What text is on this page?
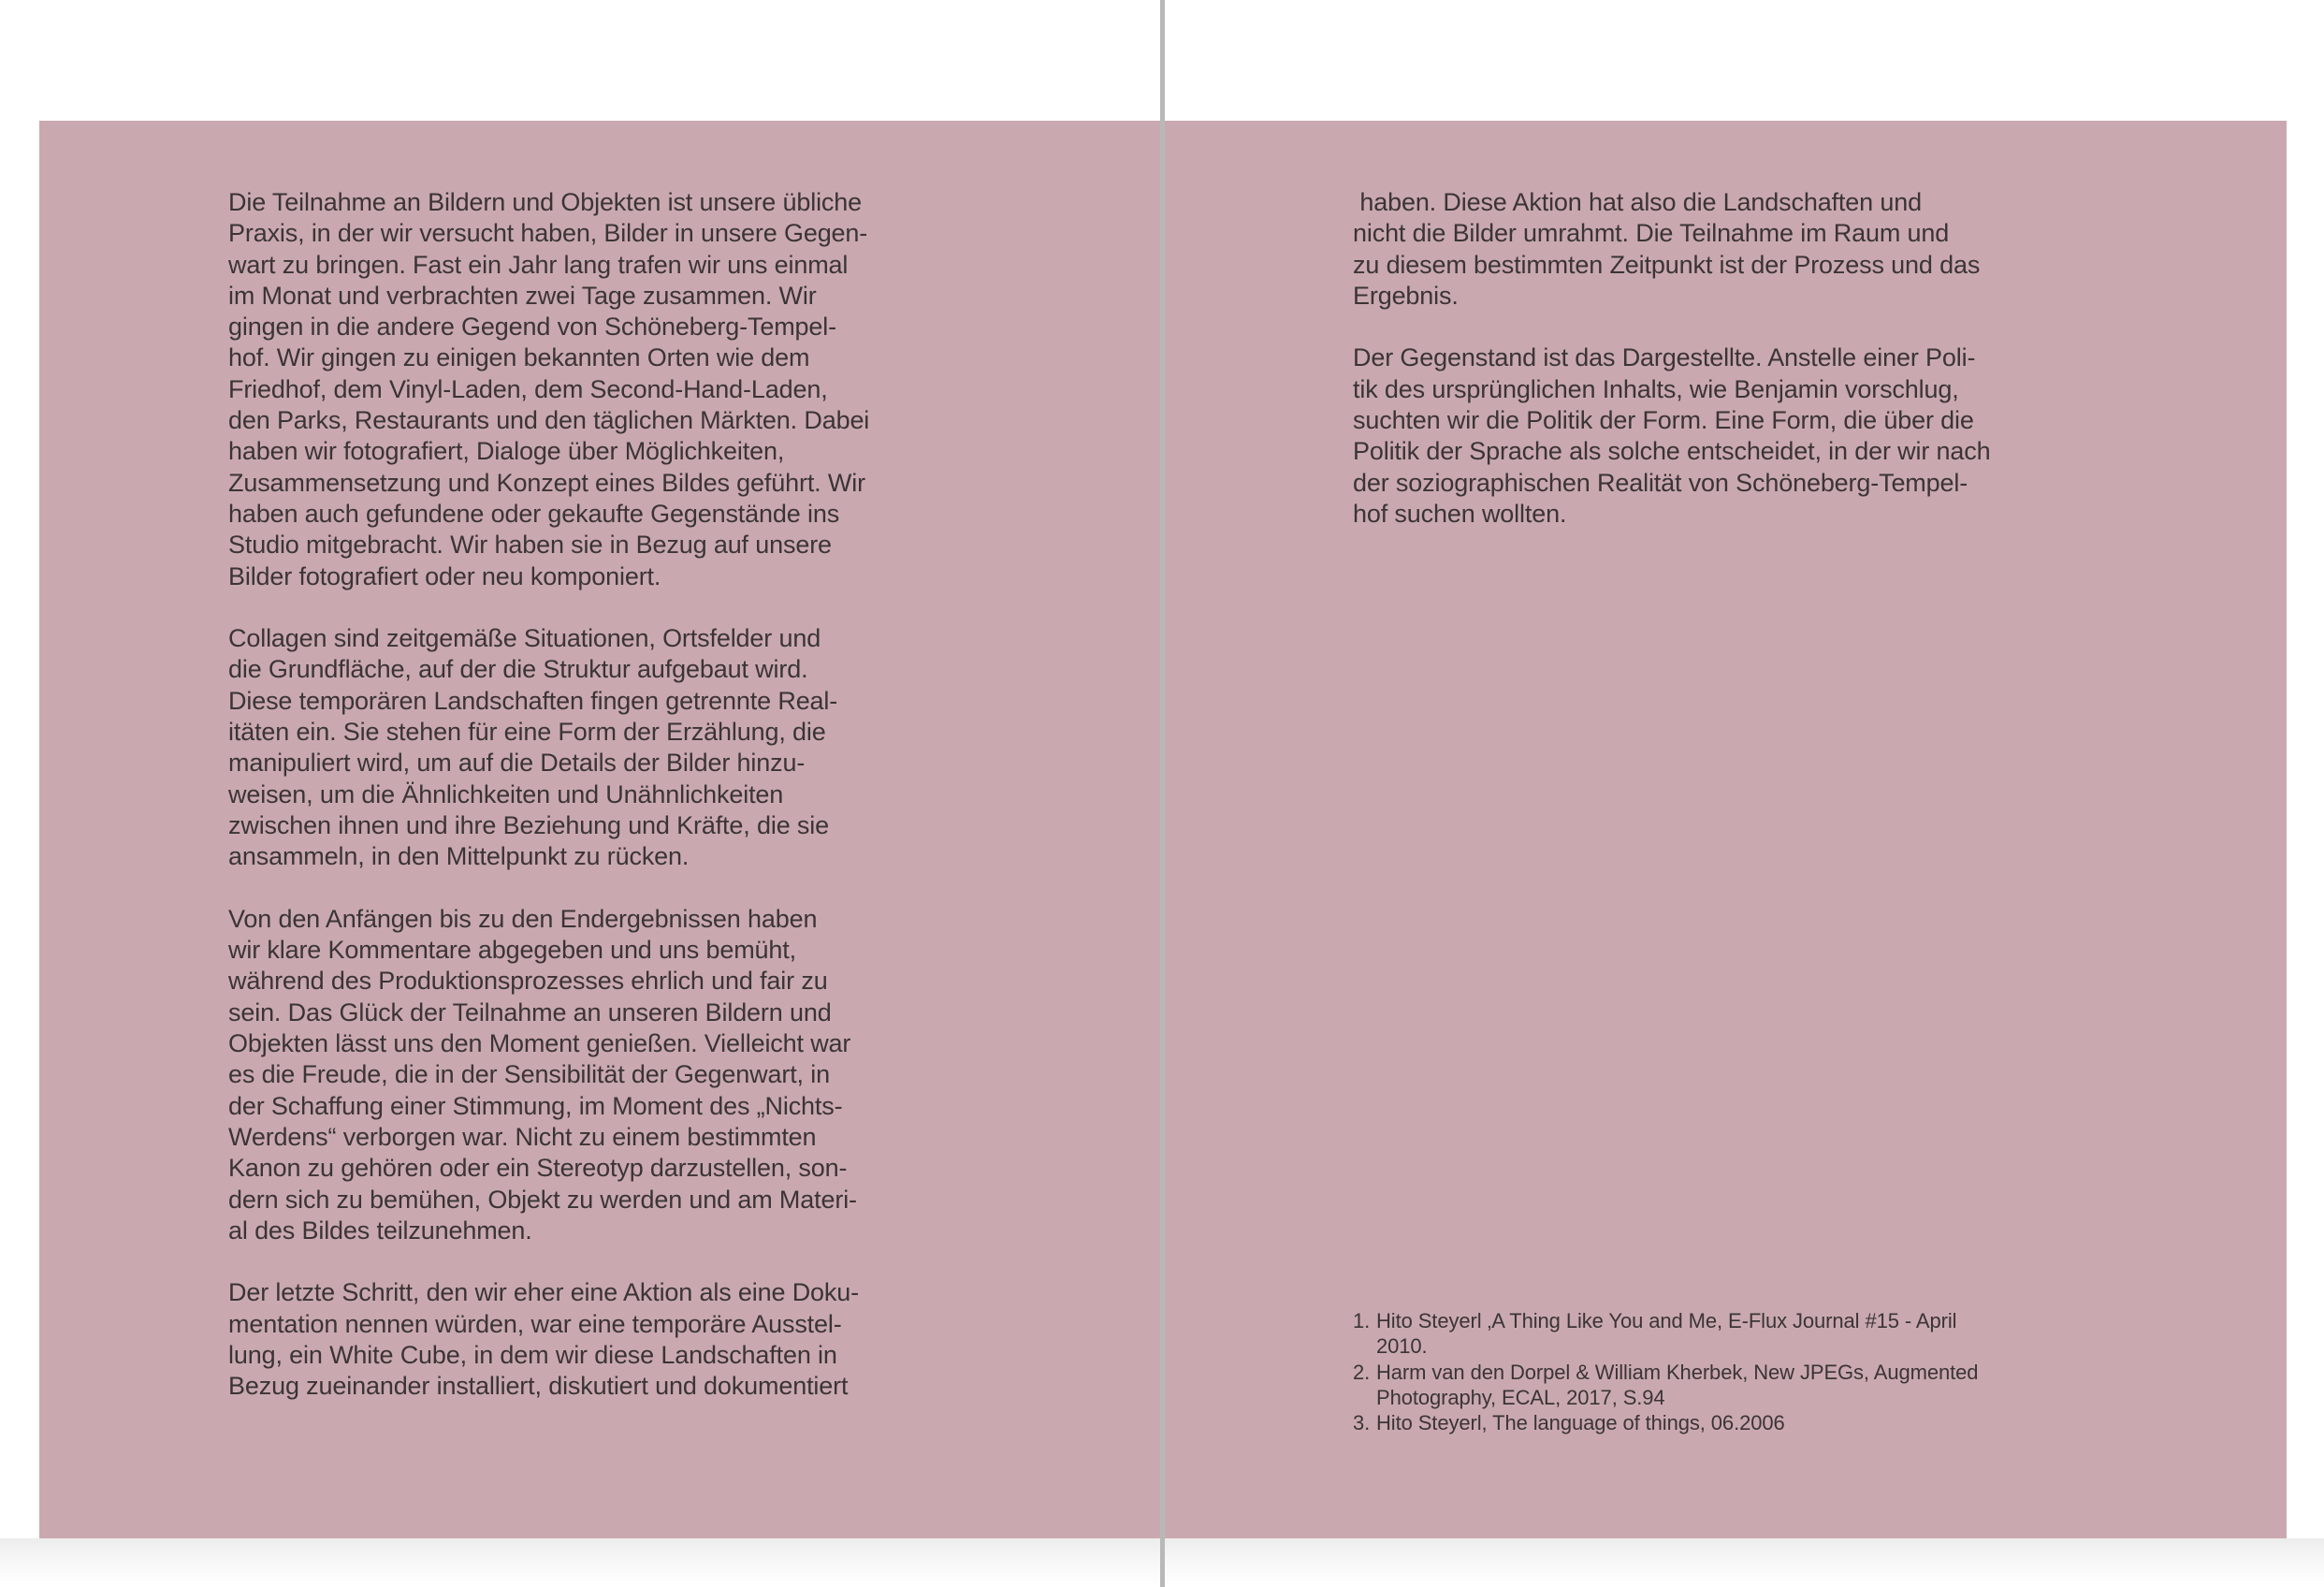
Die Teilnahme an Bildern und Objekten ist unsere übliche
Praxis, in der wir versucht haben, Bilder in unsere Gegen-
wart zu bringen. Fast ein Jahr lang trafen wir uns einmal
im Monat und verbrachten zwei Tage zusammen. Wir
gingen in die andere Gegend von Schöneberg-Tempel-
hof. Wir gingen zu einigen bekannten Orten wie dem
Friedhof, dem Vinyl-Laden, dem Second-Hand-Laden,
den Parks, Restaurants und den täglichen Märkten. Dabei
haben wir fotografiert, Dialoge über Möglichkeiten,
Zusammensetzung und Konzept eines Bildes geführt. Wir
haben auch gefundene oder gekaufte Gegenstände ins
Studio mitgebracht. Wir haben sie in Bezug auf unsere
Bilder fotografiert oder neu komponiert.
Collagen sind zeitgemäße Situationen, Ortsfelder und
die Grundfläche, auf der die Struktur aufgebaut wird.
Diese temporären Landschaften fingen getrennte Real-
itäten ein. Sie stehen für eine Form der Erzählung, die
manipuliert wird, um auf die Details der Bilder hinzu-
weisen, um die Ähnlichkeiten und Unähnlichkeiten
zwischen ihnen und ihre Beziehung und Kräfte, die sie
ansammeln, in den Mittelpunkt zu rücken.
Von den Anfängen bis zu den Endergebnissen haben
wir klare Kommentare abgegeben und uns bemüht,
während des Produktionsprozesses ehrlich und fair zu
sein. Das Glück der Teilnahme an unseren Bildern und
Objekten lässt uns den Moment genießen. Vielleicht war
es die Freude, die in der Sensibilität der Gegenwart, in
der Schaffung einer Stimmung, im Moment des „Nichts-
Werdens“ verborgen war. Nicht zu einem bestimmten
Kanon zu gehören oder ein Stereotyp darzustellen, son-
dern sich zu bemühen, Objekt zu werden und am Materi-
al des Bildes teilzunehmen.
Der letzte Schritt, den wir eher eine Aktion als eine Doku-
mentation nennen würden, war eine temporäre Ausstel-
lung, ein White Cube, in dem wir diese Landschaften in
Bezug zueinander installiert, diskutiert und dokumentiert
haben. Diese Aktion hat also die Landschaften und
nicht die Bilder umrahmt. Die Teilnahme im Raum und
zu diesem bestimmten Zeitpunkt ist der Prozess und das
Ergebnis.
Der Gegenstand ist das Dargestellte. Anstelle einer Poli-
tik des ursprünglichen Inhalts, wie Benjamin vorschlug,
suchten wir die Politik der Form. Eine Form, die über die
Politik der Sprache als solche entscheidet, in der wir nach
der soziographischen Realität von Schöneberg-Tempel-
hof suchen wollten.
1. Hito Steyerl ‚A Thing Like You and Me, E-Flux Journal #15 - April
2010.
2. Harm van den Dorpel & William Kherbek, New JPEGs, Augmented
Photography, ECAL, 2017, S.94
3. Hito Steyerl, The language of things, 06.2006
